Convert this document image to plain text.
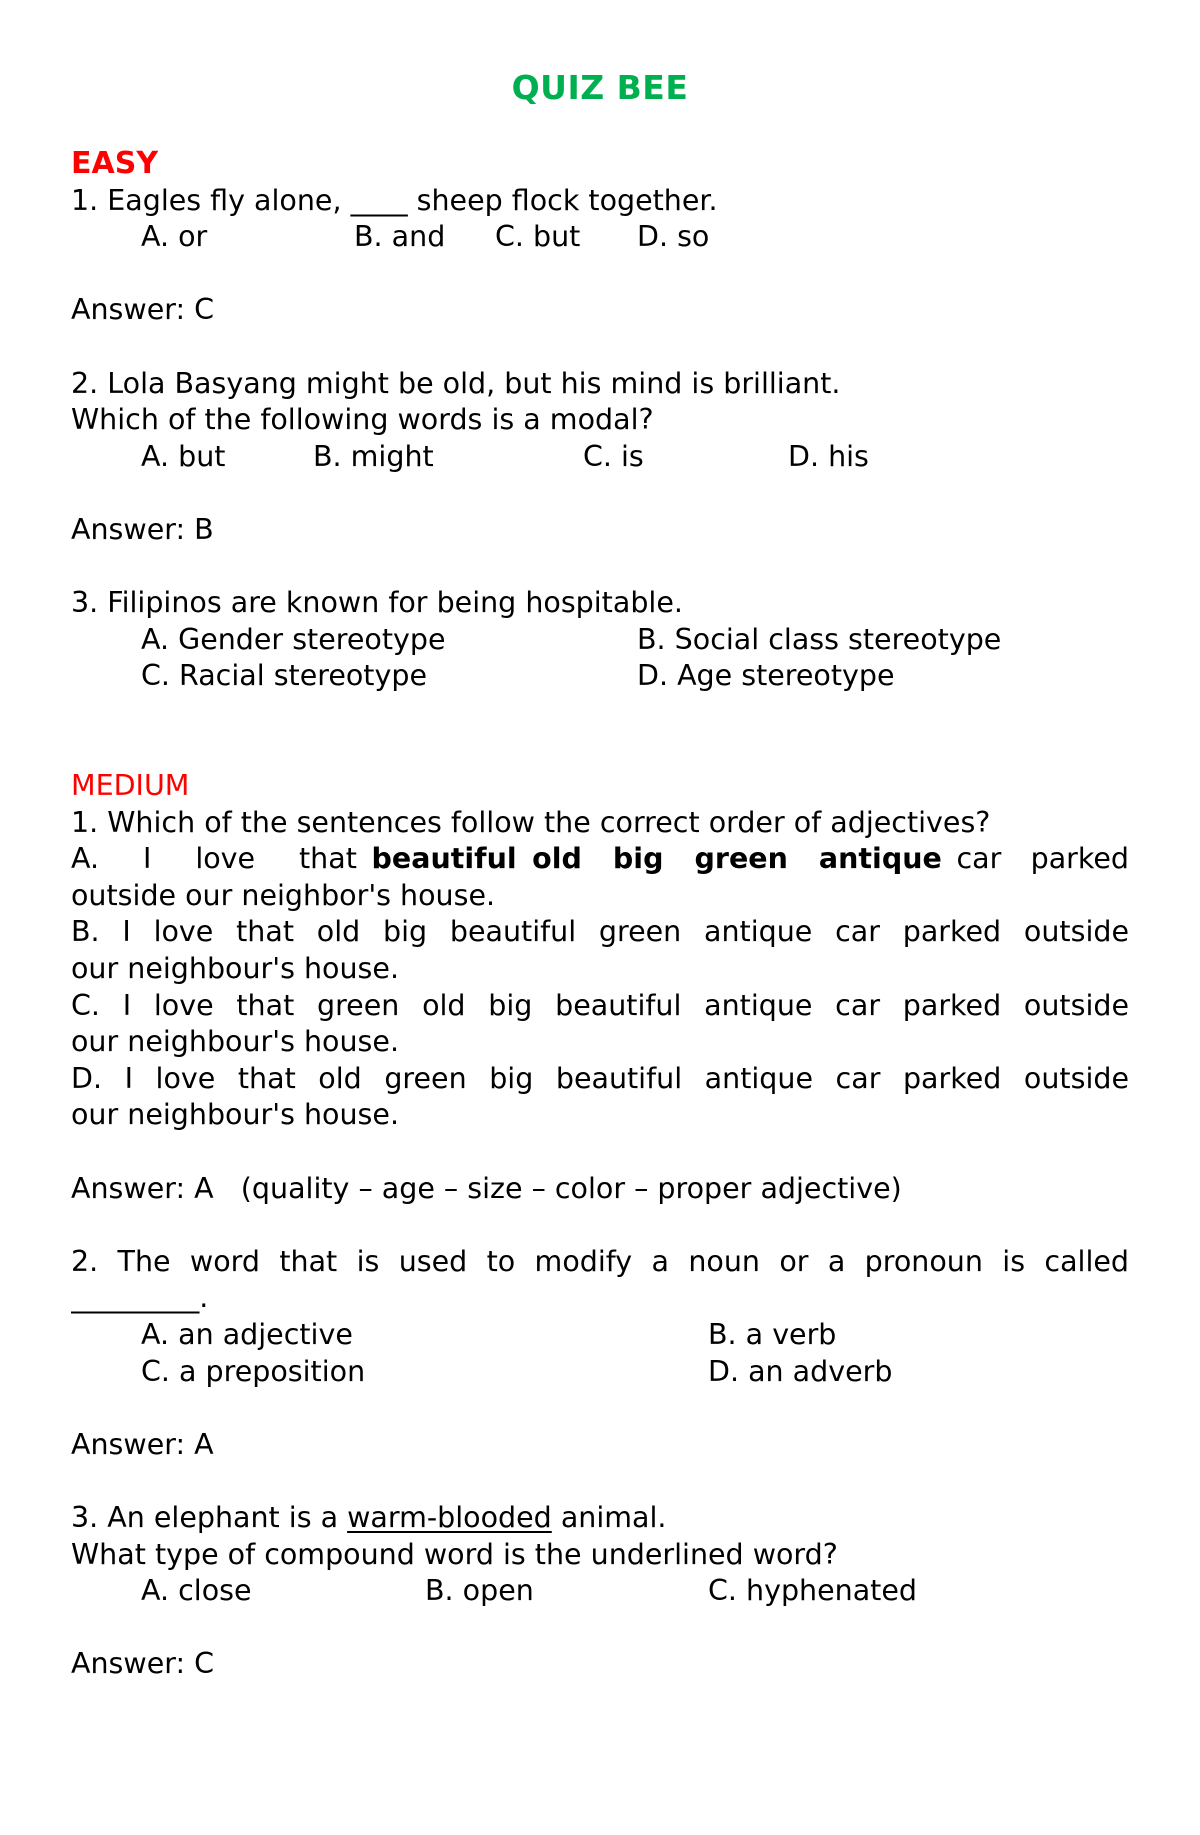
QUIZ BEE
EASY
1. Eagles fly alone, ____ sheep flock together.
A. or	B. and C. but D. so
Answer: C
2. Lola Basyang might be old, but his mind is brilliant.
Which of the following words is a modal?
A. but	B. might	C. is	D. his
Answer: B
3. Filipinos are known for being hospitable.
A. Gender stereotype	B. Social class stereotype
C. Racial stereotype	D. Age stereotype
MEDIUM
1. Which of the sentences follow the correct order of adjectives?
A.   I   love   that beautiful old  big  green  antique car  parked
outside our neighbor's house.
B. I love that old big beautiful green antique car parked outside
our neighbour's house.
C. I love that green old big beautiful antique car parked outside
our neighbour's house.
D. I love that old green big beautiful antique car parked outside
our neighbour's house.
Answer: A   (quality – age – size – color – proper adjective)
2. The word that is used to modify a noun or a pronoun is called
_________.
A. an adjective	B. a verb
C. a preposition	D. an adverb
Answer: A
3. An elephant is a warm-blooded animal.
What type of compound word is the underlined word?
A. close	B. open	C. hyphenated
Answer: C
